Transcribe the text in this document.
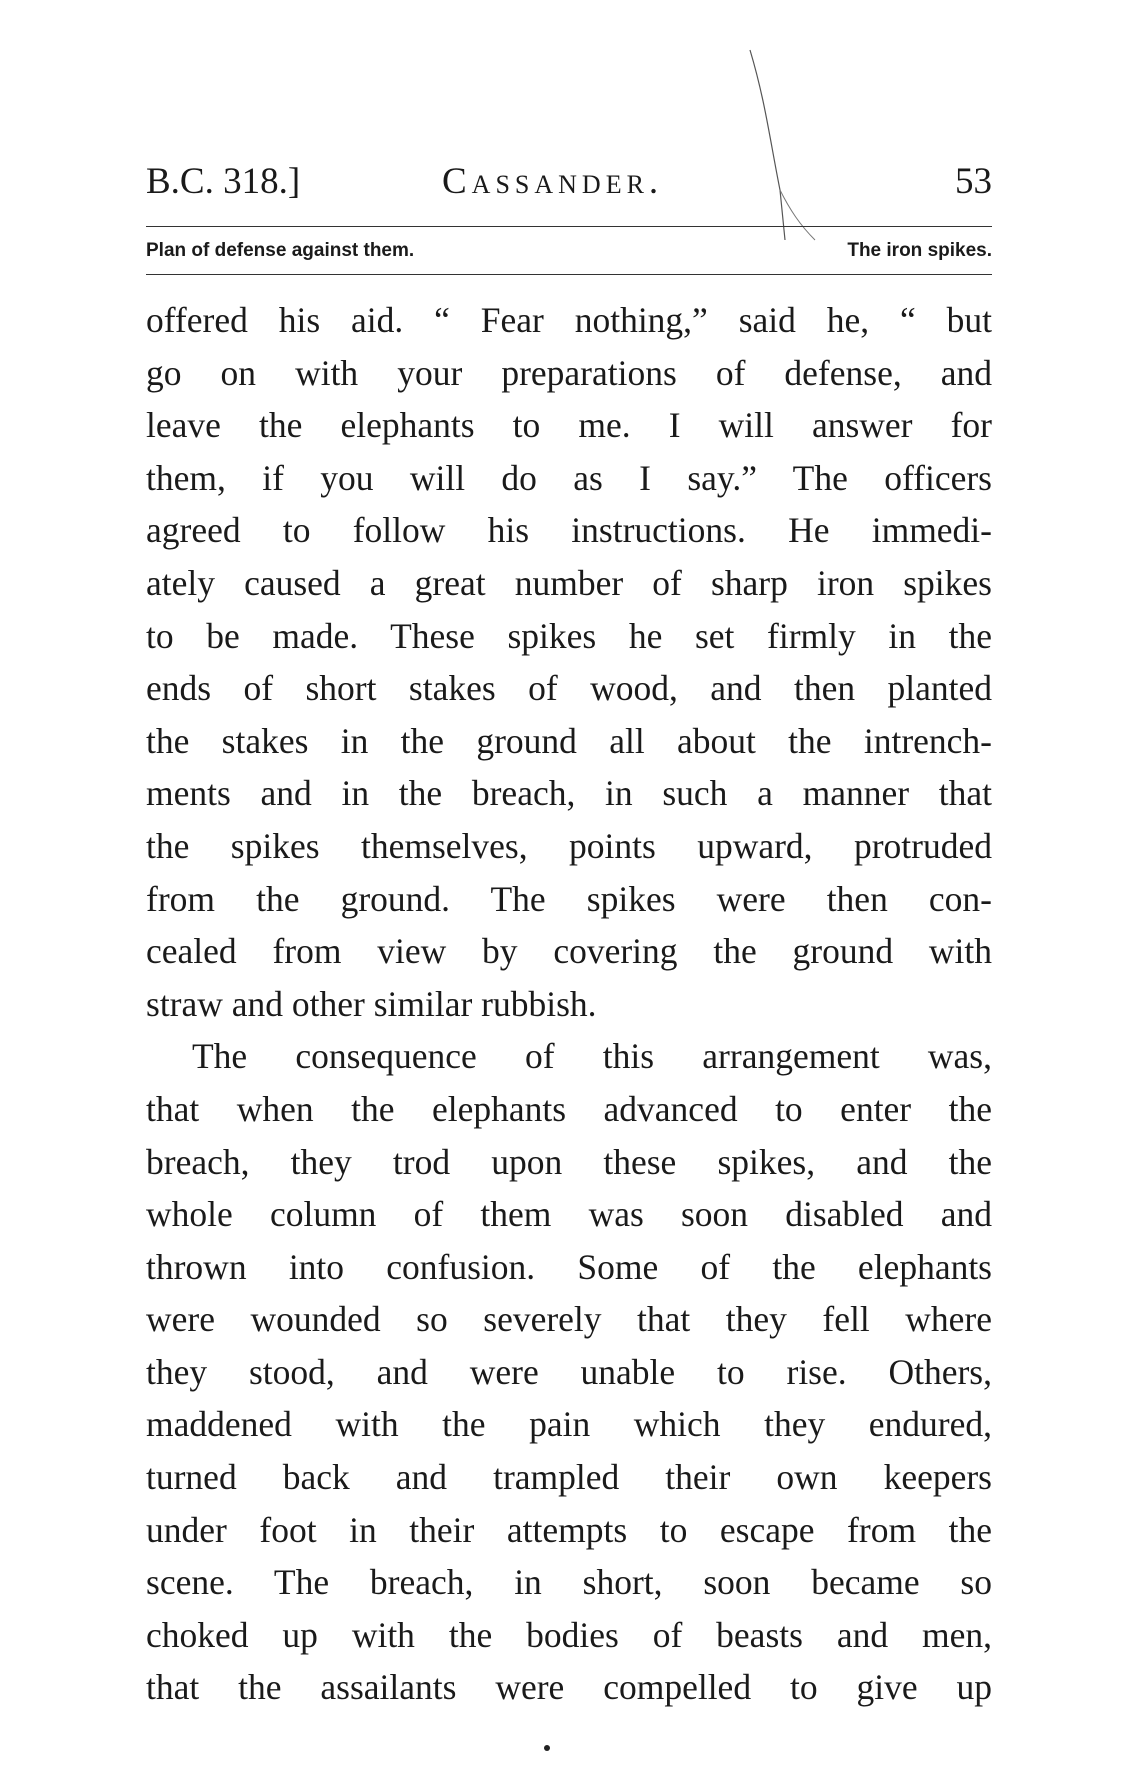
B.C. 318.]	Cassander.	53
Plan of defense against them.	The iron spikes.
offered his aid. “ Fear nothing,” said he, “ but
go on with your preparations of defense, and
leave the elephants to me. I will answer for
them, if you will do as I say.” The officers
agreed to follow his instructions. He immedi-
ately caused a great number of sharp iron spikes
to be made. These spikes he set firmly in the
ends of short stakes of wood, and then planted
the stakes in the ground all about the intrench-
ments and in the breach, in such a manner that
the spikes themselves, points upward, protruded
from the ground. The spikes were then con-
cealed from view by covering the ground with
straw and other similar rubbish.
The consequence of this arrangement was,
that when the elephants advanced to enter the
breach, they trod upon these spikes, and the
whole column of them was soon disabled and
thrown into confusion. Some of the elephants
were wounded so severely that they fell where
they stood, and were unable to rise. Others,
maddened with the pain which they endured,
turned back and trampled their own keepers
under foot in their attempts to escape from the
scene. The breach, in short, soon became so
choked up with the bodies of beasts and men,
that the assailants were compelled to give up
